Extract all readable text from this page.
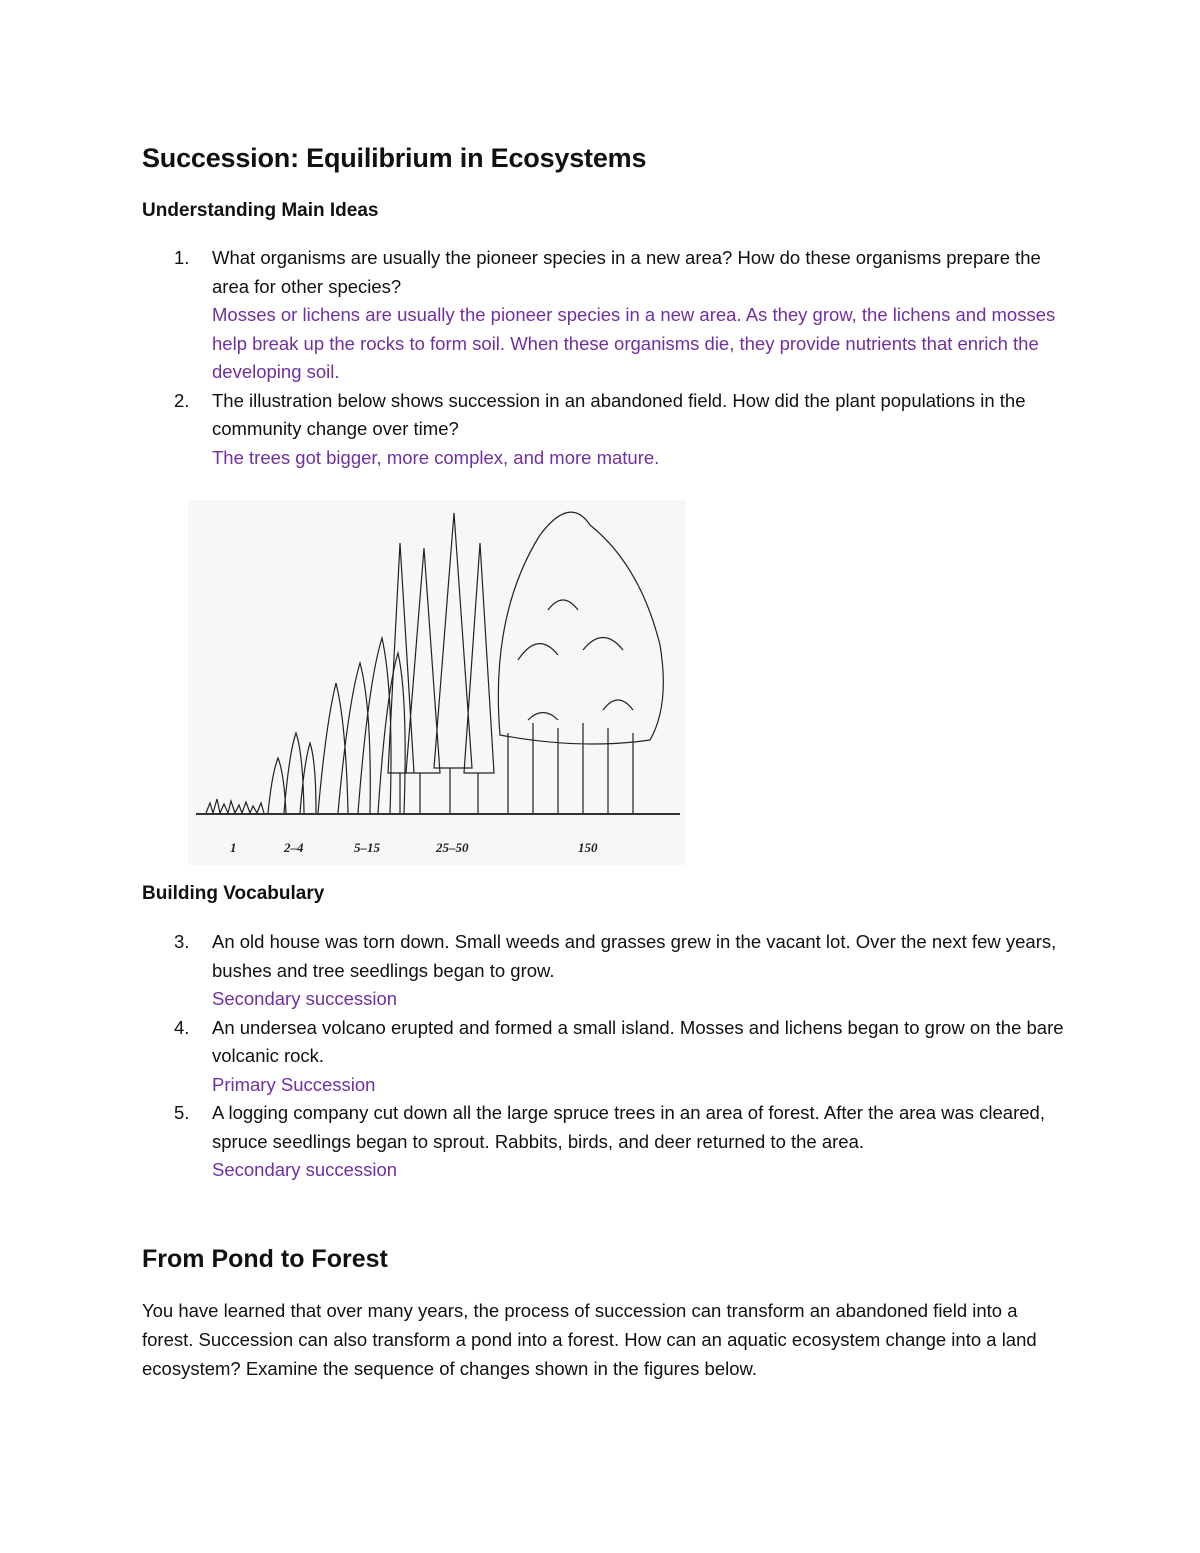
Succession: Equilibrium in Ecosystems
Understanding Main Ideas
1. What organisms are usually the pioneer species in a new area? How do these organisms prepare the area for other species?
Mosses or lichens are usually the pioneer species in a new area. As they grow, the lichens and mosses help break up the rocks to form soil. When these organisms die, they provide nutrients that enrich the developing soil.
2. The illustration below shows succession in an abandoned field. How did the plant populations in the community change over time?
The trees got bigger, more complex, and more mature.
1	2–4	5–15	25–50	150
Building Vocabulary
3. An old house was torn down. Small weeds and grasses grew in the vacant lot. Over the next few years, bushes and tree seedlings began to grow.
Secondary succession
4. An undersea volcano erupted and formed a small island. Mosses and lichens began to grow on the bare volcanic rock.
Primary Succession
5. A logging company cut down all the large spruce trees in an area of forest. After the area was cleared, spruce seedlings began to sprout. Rabbits, birds, and deer returned to the area.
Secondary succession
From Pond to Forest

You have learned that over many years, the process of succession can transform an abandoned field into a forest. Succession can also transform a pond into a forest. How can an aquatic ecosystem change into a land ecosystem? Examine the sequence of changes shown in the figures below.
